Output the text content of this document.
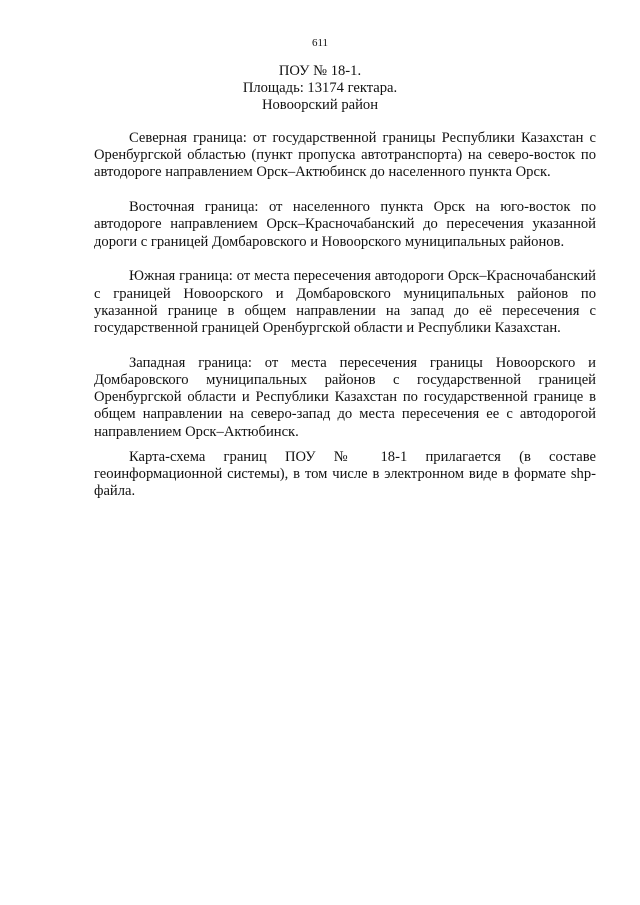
611
ПОУ № 18-1.
Площадь: 13174 гектара.
Новоорский район

Северная граница: от государственной границы Республики Казахстан с Оренбургской областью (пункт пропуска автотранспорта) на северо-восток по автодороге направлением Орск–Актюбинск до населенного пункта Орск.

Восточная граница: от населенного пункта Орск на юго-восток по автодороге направлением Орск–Красночабанский до пересечения указанной дороги с границей Домбаровского и Новоорского муниципальных районов.

Южная граница: от места пересечения автодороги Орск–Красночабанский с границей Новоорского и Домбаровского муниципальных районов по указанной границе в общем направлении на запад до её пересечения с государственной границей Оренбургской области и Республики Казахстан.

Западная граница: от места пересечения границы Новоорского и Домбаровского муниципальных районов с государственной границей Оренбургской области и Республики Казахстан по государственной границе в общем направлении на северо-запад до места пересечения ее с автодорогой направлением Орск–Актюбинск.

Карта-схема границ ПОУ № 18-1 прилагается (в составе геоинформационной системы), в том числе в электронном виде в формате shp-файла.
